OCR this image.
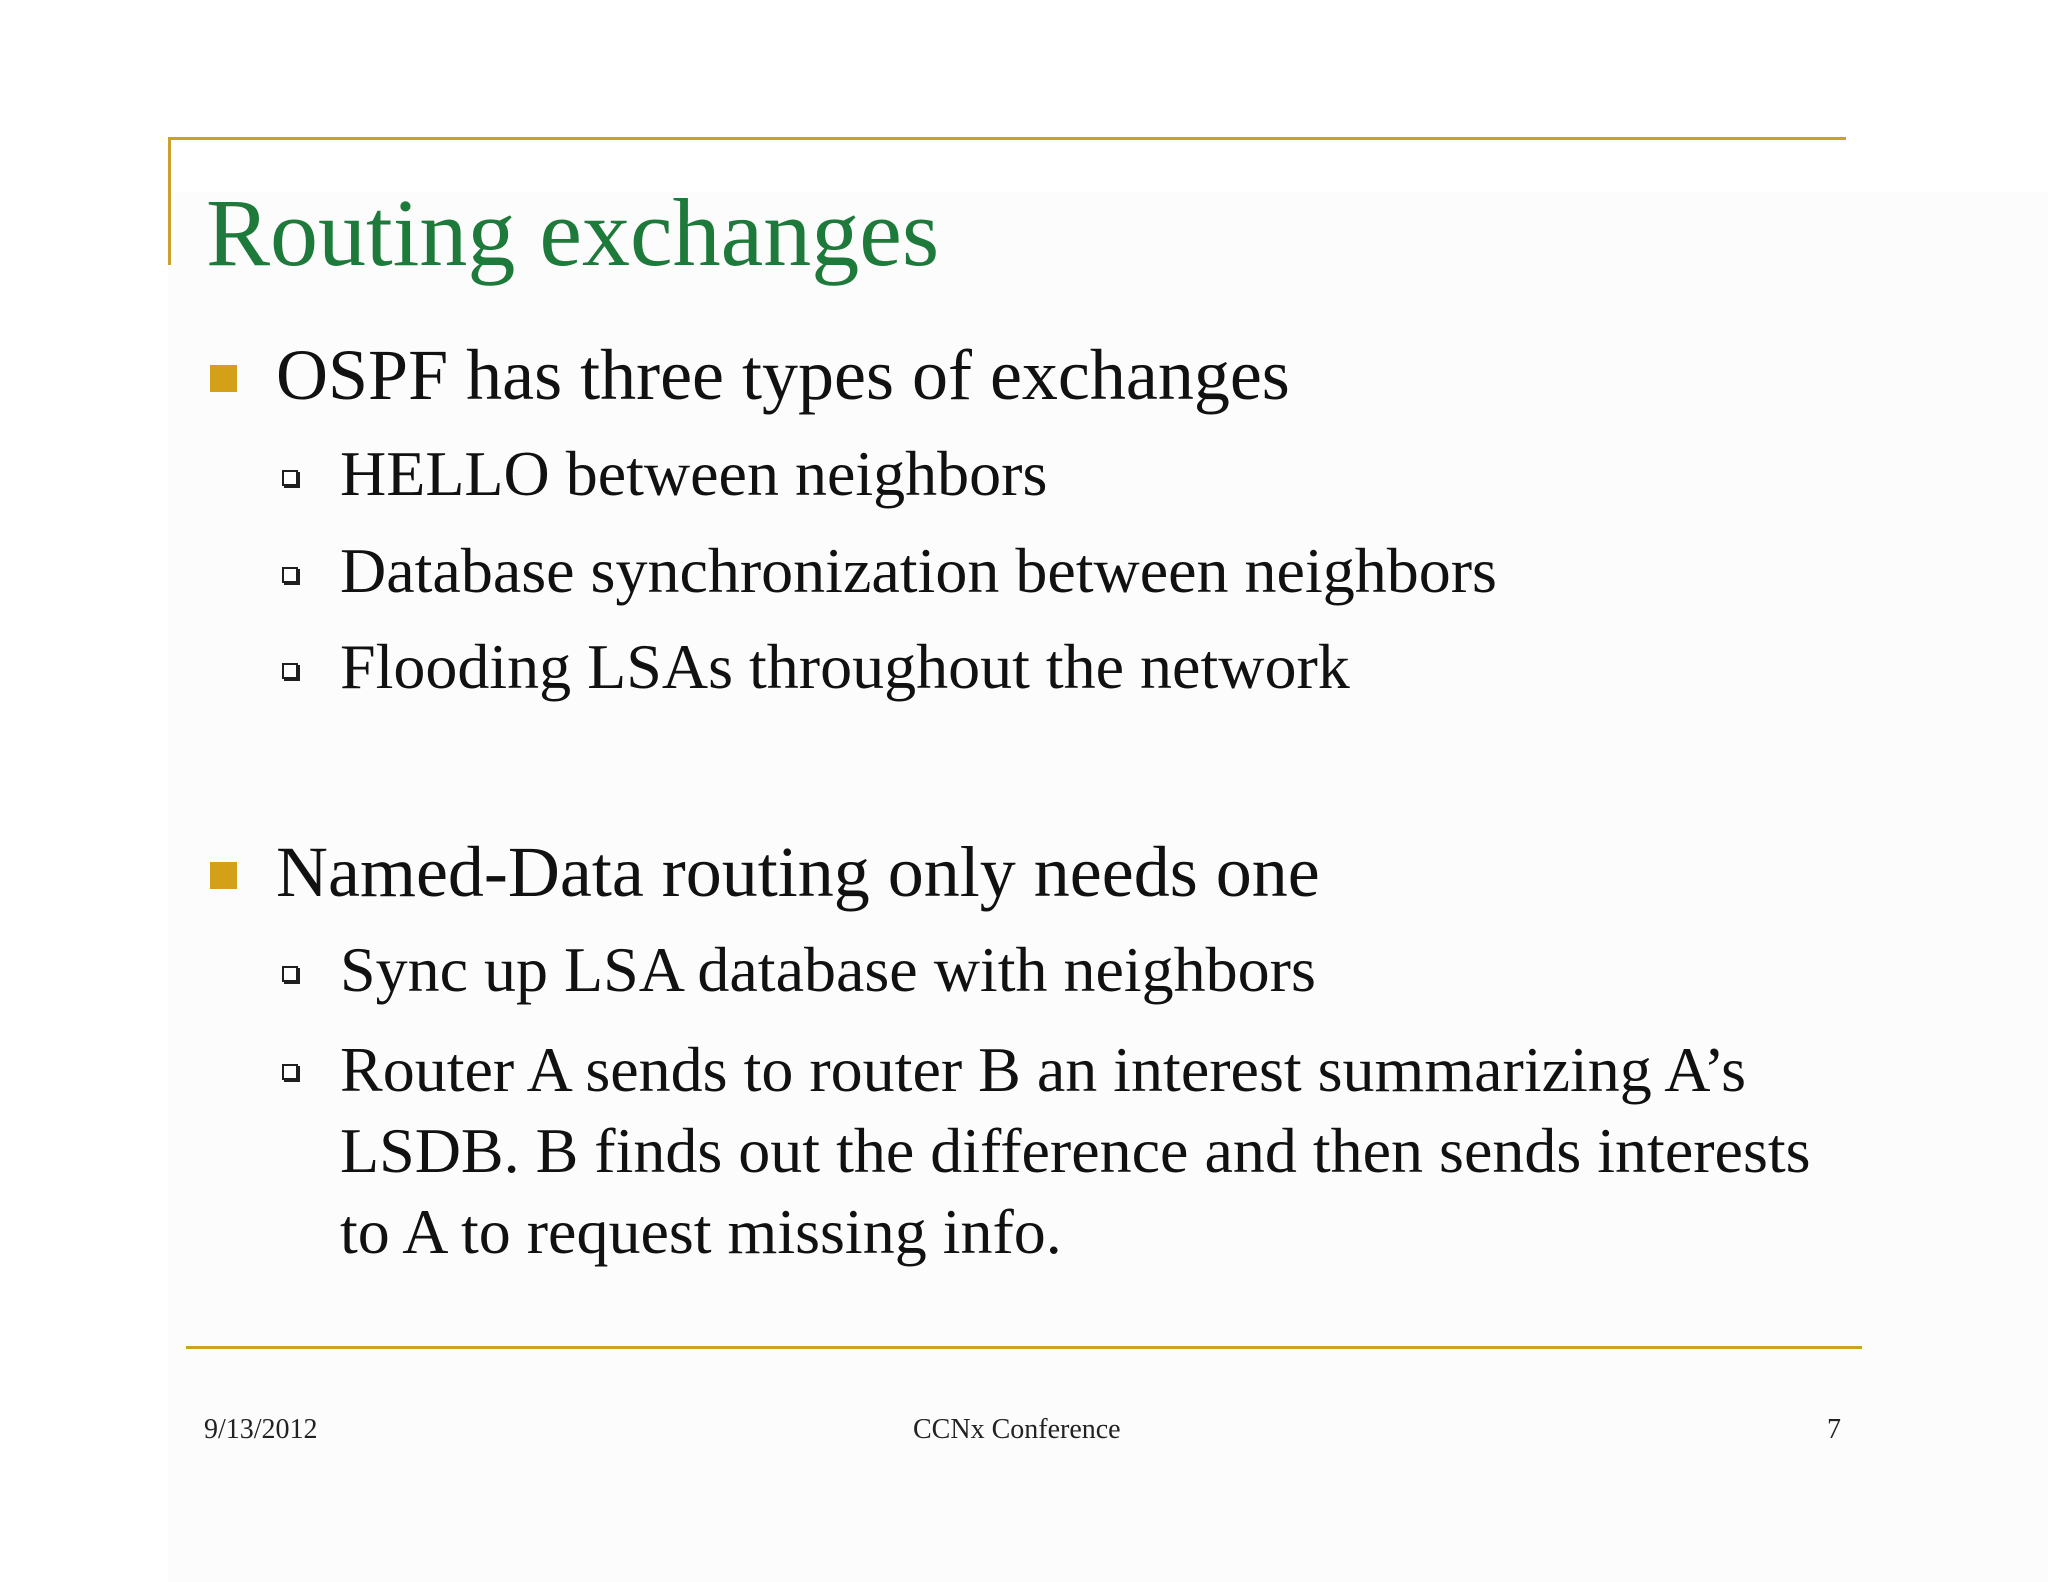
Routing exchanges
OSPF has three types of exchanges
HELLO between neighbors
Database synchronization between neighbors
Flooding LSAs throughout the network
Named-Data routing only needs one
Sync up LSA database with neighbors
Router A sends to router B an interest summarizing A’s LSDB. B finds out the difference and then sends interests to A to request missing info.
9/13/2012	CCNx Conference	7
